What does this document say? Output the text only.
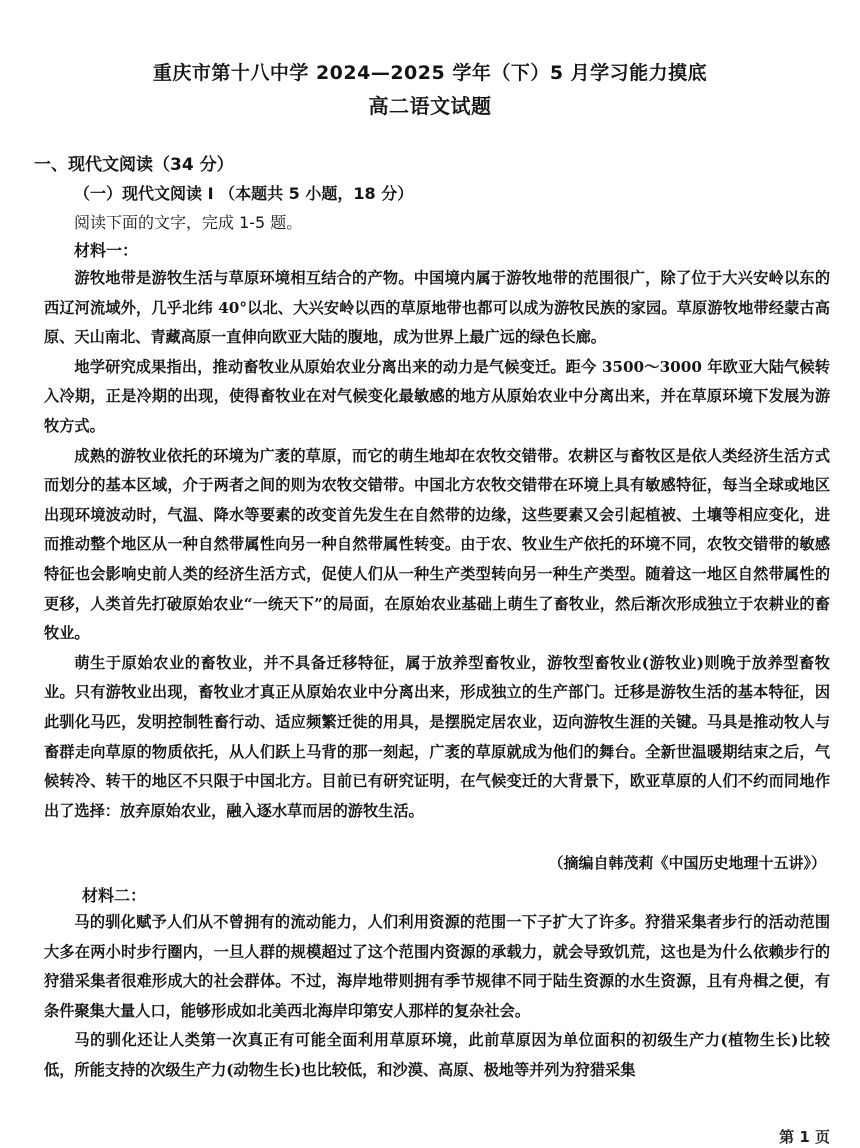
重庆市第十八中学 2024—2025 学年（下）5 月学习能力摸底
高二语文试题
一、现代文阅读（34 分）
（一）现代文阅读 I （本题共 5 小题，18 分）
阅读下面的文字，完成 1-5 题。
材料一：

游牧地带是游牧生活与草原环境相互结合的产物。中国境内属于游牧地带的范围很广，除了位于大兴安岭以东的西辽河流域外，几乎北纬 40°以北、大兴安岭以西的草原地带也都可以成为游牧民族的家园。草原游牧地带经蒙古高原、天山南北、青藏高原一直伸向欧亚大陆的腹地，成为世界上最广远的绿色长廊。

地学研究成果指出，推动畜牧业从原始农业分离出来的动力是气候变迁。距今 3500～3000 年欧亚大陆气候转入冷期，正是冷期的出现，使得畜牧业在对气候变化最敏感的地方从原始农业中分离出来，并在草原环境下发展为游牧方式。

成熟的游牧业依托的环境为广袤的草原，而它的萌生地却在农牧交错带。农耕区与畜牧区是依人类经济生活方式而划分的基本区域，介于两者之间的则为农牧交错带。中国北方农牧交错带在环境上具有敏感特征，每当全球或地区出现环境波动时，气温、降水等要素的改变首先发生在自然带的边缘，这些要素又会引起植被、土壤等相应变化，进而推动整个地区从一种自然带属性向另一种自然带属性转变。由于农、牧业生产依托的环境不同，农牧交错带的敏感特征也会影响史前人类的经济生活方式，促使人们从一种生产类型转向另一种生产类型。随着这一地区自然带属性的更移，人类首先打破原始农业“一统天下”的局面，在原始农业基础上萌生了畜牧业，然后渐次形成独立于农耕业的畜牧业。

萌生于原始农业的畜牧业，并不具备迁移特征，属于放养型畜牧业，游牧型畜牧业(游牧业)则晚于放养型畜牧业。只有游牧业出现，畜牧业才真正从原始农业中分离出来，形成独立的生产部门。迁移是游牧生活的基本特征，因此驯化马匹，发明控制牲畜行动、适应频繁迁徙的用具，是摆脱定居农业，迈向游牧生涯的关键。马具是推动牧人与畜群走向草原的物质依托，从人们跃上马背的那一刻起，广袤的草原就成为他们的舞台。全新世温暖期结束之后，气候转冷、转干的地区不只限于中国北方。目前已有研究证明，在气候变迁的大背景下，欧亚草原的人们不约而同地作出了选择：放弃原始农业，融入逐水草而居的游牧生活。

（摘编自韩茂莉《中国历史地理十五讲》）
材料二：

马的驯化赋予人们从不曾拥有的流动能力，人们利用资源的范围一下子扩大了许多。狩猎采集者步行的活动范围大多在两小时步行圈内，一旦人群的规模超过了这个范围内资源的承载力，就会导致饥荒，这也是为什么依赖步行的狩猎采集者很难形成大的社会群体。不过，海岸地带则拥有季节规律不同于陆生资源的水生资源，且有舟楫之便，有条件聚集大量人口，能够形成如北美西北海岸印第安人那样的复杂社会。

马的驯化还让人类第一次真正有可能全面利用草原环境，此前草原因为单位面积的初级生产力(植物生长)比较低，所能支持的次级生产力(动物生长)也比较低，和沙漠、高原、极地等并列为狩猎采集

第 1 页
